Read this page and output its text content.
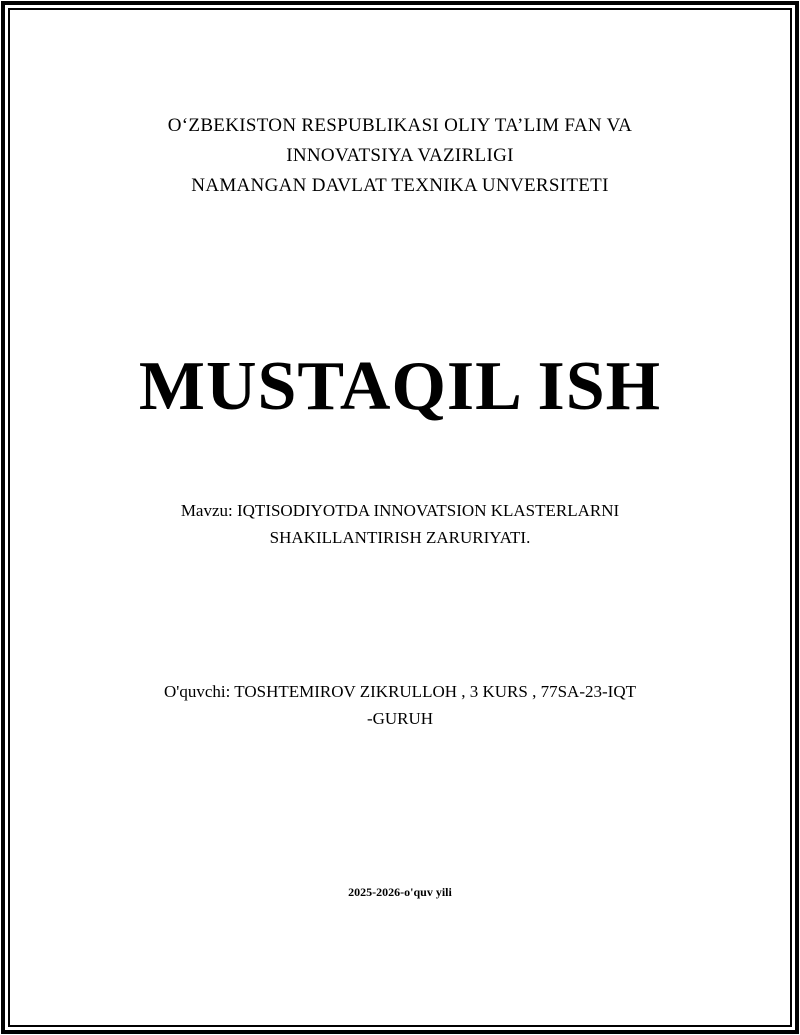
O‘ZBEKISTON RESPUBLIKASI OLIY TA’LIM FAN VA
INNOVATSIYA VAZIRLIGI
NAMANGAN DAVLAT TEXNIKA UNVERSITETI
MUSTAQIL ISH
Mavzu: IQTISODIYOTDA INNOVATSION KLASTERLARNI
SHAKILLANTIRISH ZARURIYATI.
O'quvchi: TOSHTEMIROV ZIKRULLOH , 3 KURS , 77SA-23-IQT
-GURUH
2025-2026-o'quv yili
